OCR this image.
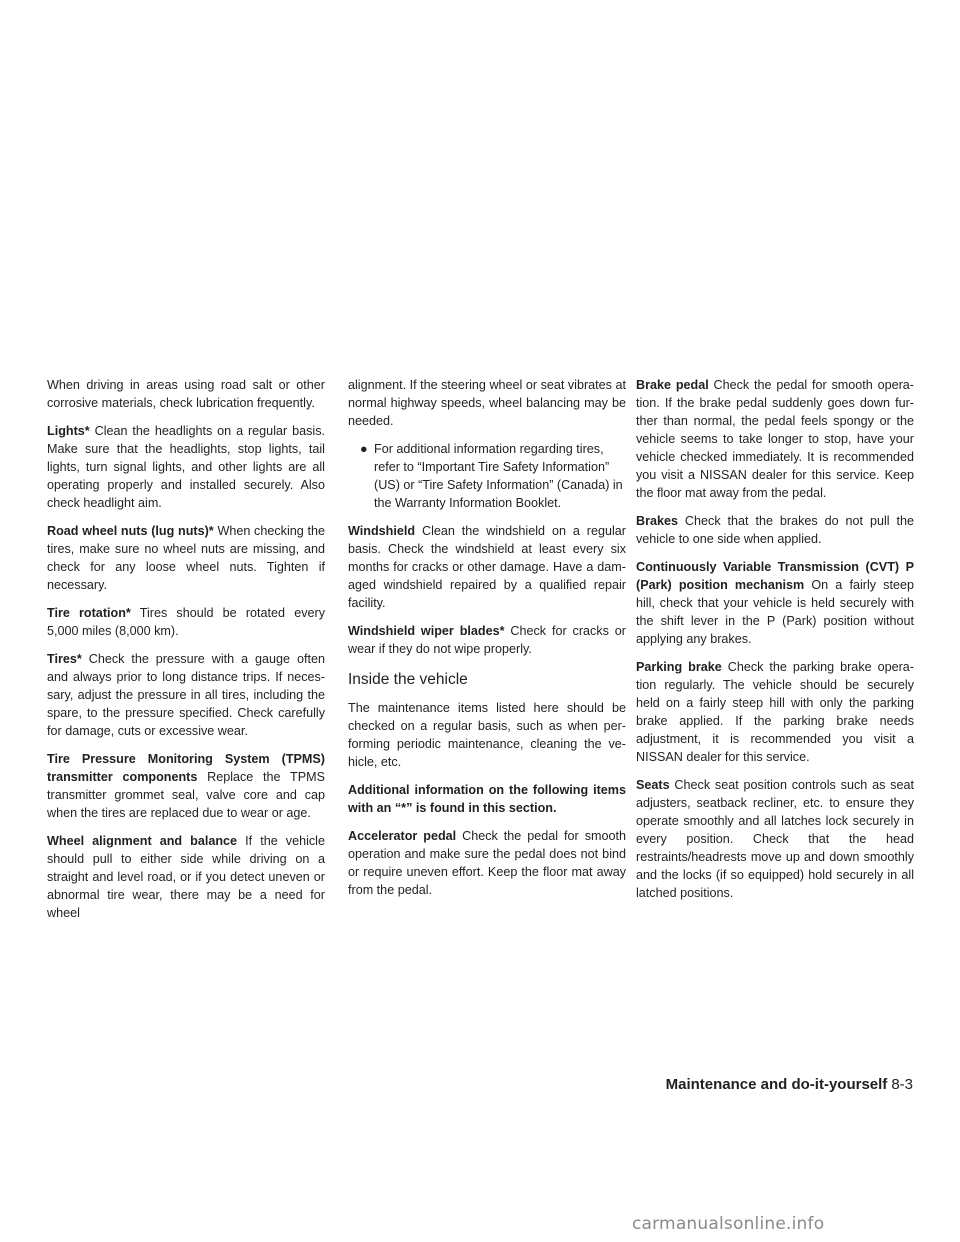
When driving in areas using road salt or other corrosive materials, check lubrication frequently.

Lights* Clean the headlights on a regular basis. Make sure that the headlights, stop lights, tail lights, turn signal lights, and other lights are all operating properly and installed securely. Also check headlight aim.

Road wheel nuts (lug nuts)* When checking the tires, make sure no wheel nuts are missing, and check for any loose wheel nuts. Tighten if necessary.

Tire rotation* Tires should be rotated every 5,000 miles (8,000 km).

Tires* Check the pressure with a gauge often and always prior to long distance trips. If neces-sary, adjust the pressure in all tires, including the spare, to the pressure specified. Check carefully for damage, cuts or excessive wear.

Tire Pressure Monitoring System (TPMS) transmitter components Replace the TPMS transmitter grommet seal, valve core and cap when the tires are replaced due to wear or age.

Wheel alignment and balance If the vehicle should pull to either side while driving on a straight and level road, or if you detect uneven or abnormal tire wear, there may be a need for wheel

alignment. If the steering wheel or seat vibrates at normal highway speeds, wheel balancing may be needed.

● For additional information regarding tires, refer to “Important Tire Safety Information” (US) or “Tire Safety Information” (Canada) in the Warranty Information Booklet.

Windshield Clean the windshield on a regular basis. Check the windshield at least every six months for cracks or other damage. Have a dam-aged windshield repaired by a qualified repair facility.

Windshield wiper blades* Check for cracks or wear if they do not wipe properly.

Inside the vehicle

The maintenance items listed here should be checked on a regular basis, such as when per-forming periodic maintenance, cleaning the ve-hicle, etc.

Additional information on the following items with an “*” is found in this section.

Accelerator pedal Check the pedal for smooth operation and make sure the pedal does not bind or require uneven effort. Keep the floor mat away from the pedal.

Brake pedal Check the pedal for smooth opera-tion. If the brake pedal suddenly goes down fur-ther than normal, the pedal feels spongy or the vehicle seems to take longer to stop, have your vehicle checked immediately. It is recommended you visit a NISSAN dealer for this service. Keep the floor mat away from the pedal.

Brakes Check that the brakes do not pull the vehicle to one side when applied.

Continuously Variable Transmission (CVT) P (Park) position mechanism On a fairly steep hill, check that your vehicle is held securely with the shift lever in the P (Park) position without applying any brakes.

Parking brake Check the parking brake opera-tion regularly. The vehicle should be securely held on a fairly steep hill with only the parking brake applied. If the parking brake needs adjustment, it is recommended you visit a NISSAN dealer for this service.

Seats Check seat position controls such as seat adjusters, seatback recliner, etc. to ensure they operate smoothly and all latches lock securely in every position. Check that the head restraints/headrests move up and down smoothly and the locks (if so equipped) hold securely in all latched positions.

Maintenance and do-it-yourself 8-3
carmanualsonline.info
